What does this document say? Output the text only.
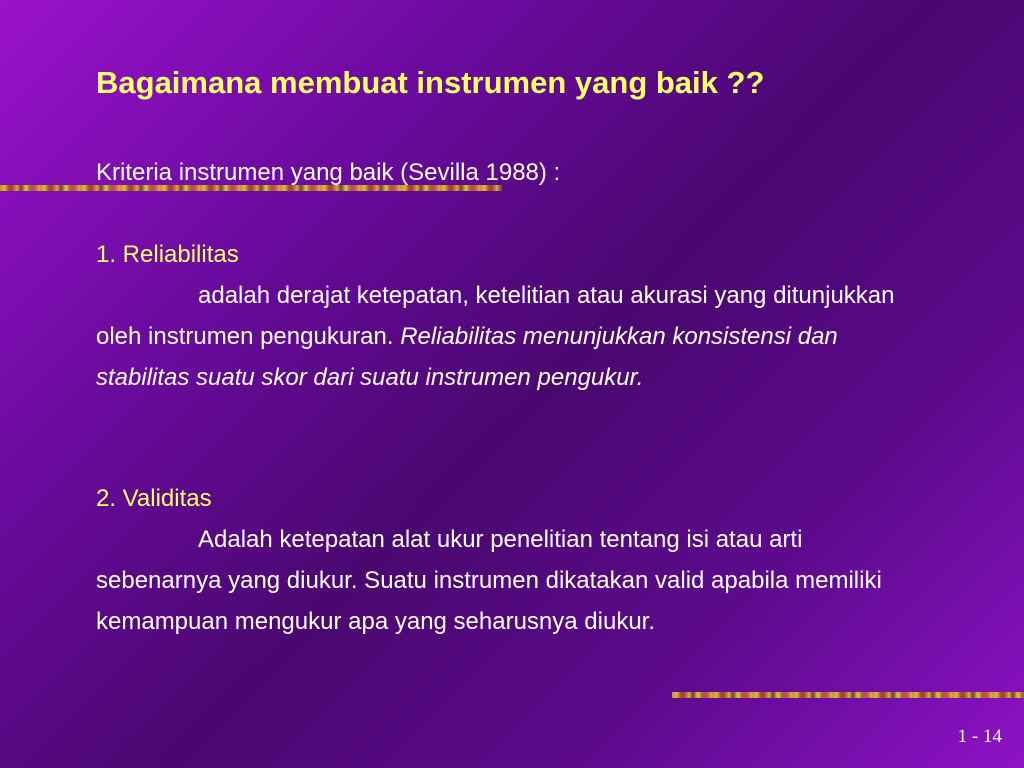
Bagaimana membuat instrumen yang baik ??
Kriteria instrumen yang baik (Sevilla 1988) :
1. Reliabilitas
adalah derajat ketepatan, ketelitian atau akurasi yang ditunjukkan oleh instrumen pengukuran. Reliabilitas menunjukkan konsistensi dan stabilitas suatu skor dari suatu instrumen pengukur.
2. Validitas
Adalah ketepatan alat ukur penelitian tentang isi atau arti sebenarnya yang diukur. Suatu instrumen dikatakan valid apabila memiliki kemampuan mengukur apa yang seharusnya diukur.
1 - 14
